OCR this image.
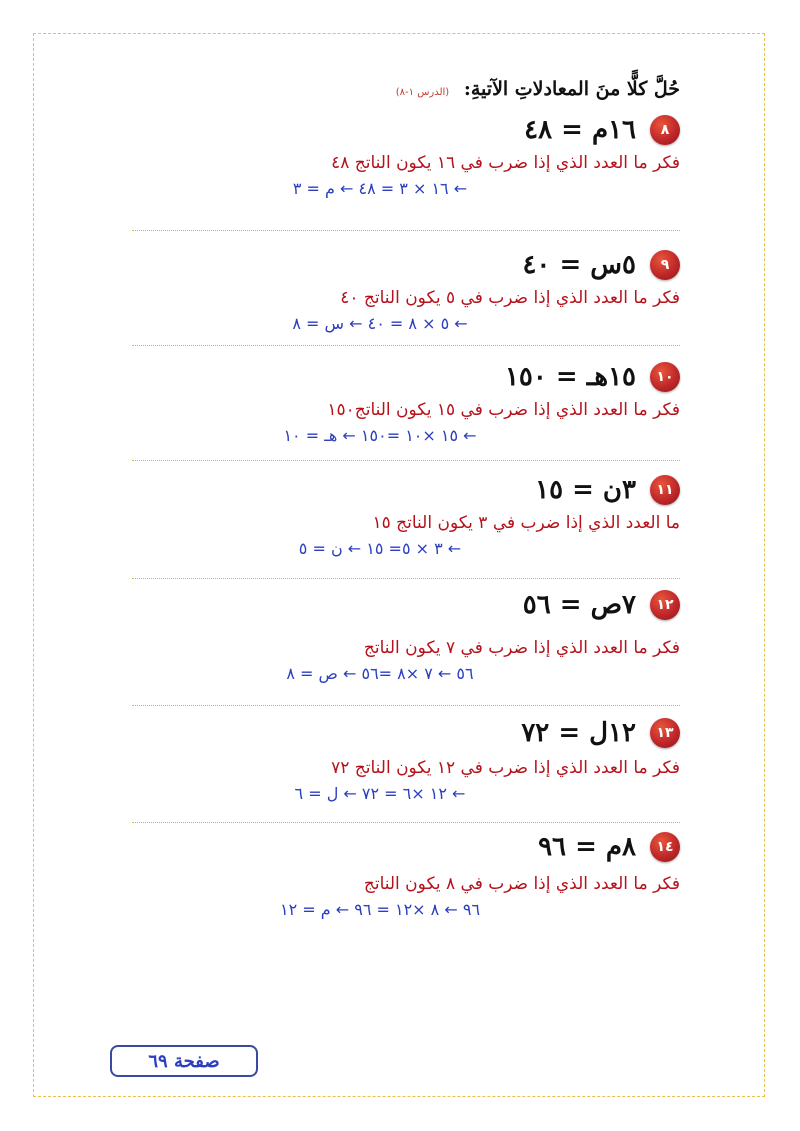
حُلَّ كلًّا منَ المعادلاتِ الآتيةِ: (الدرس ١-٨)
٨
١٦م = ٤٨
فكر ما العدد الذي إذا ضرب في ١٦ يكون الناتج ٤٨
← ١٦ × ٣ = ٤٨ ← م = ٣
٩
٥س = ٤٠
فكر ما العدد الذي إذا ضرب في ٥ يكون الناتج ٤٠
← ٥ × ٨ = ٤٠ ← س = ٨
١٠
١٥هـ = ١٥٠
فكر ما العدد الذي إذا ضرب في ١٥ يكون الناتج١٥٠
← ١٥ ×١٠ =١٥٠ ← هـ = ١٠
١١
٣ن = ١٥
ما العدد الذي إذا ضرب في ٣ يكون الناتج ١٥
← ٣ × ٥= ١٥ ← ن = ٥
١٢
٧ص = ٥٦
فكر ما العدد الذي إذا ضرب في ٧ يكون الناتج
٥٦ ← ٧ ×٨ =٥٦ ← ص = ٨
١٣
١٢ل = ٧٢
فكر ما العدد الذي إذا ضرب في ١٢ يكون الناتج ٧٢
← ١٢ ×٦ = ٧٢ ← ل = ٦
١٤
٨م = ٩٦
فكر ما العدد الذي إذا ضرب في ٨ يكون الناتج
٩٦ ← ٨ ×١٢ = ٩٦ ← م = ١٢
صفحة ٦٩
